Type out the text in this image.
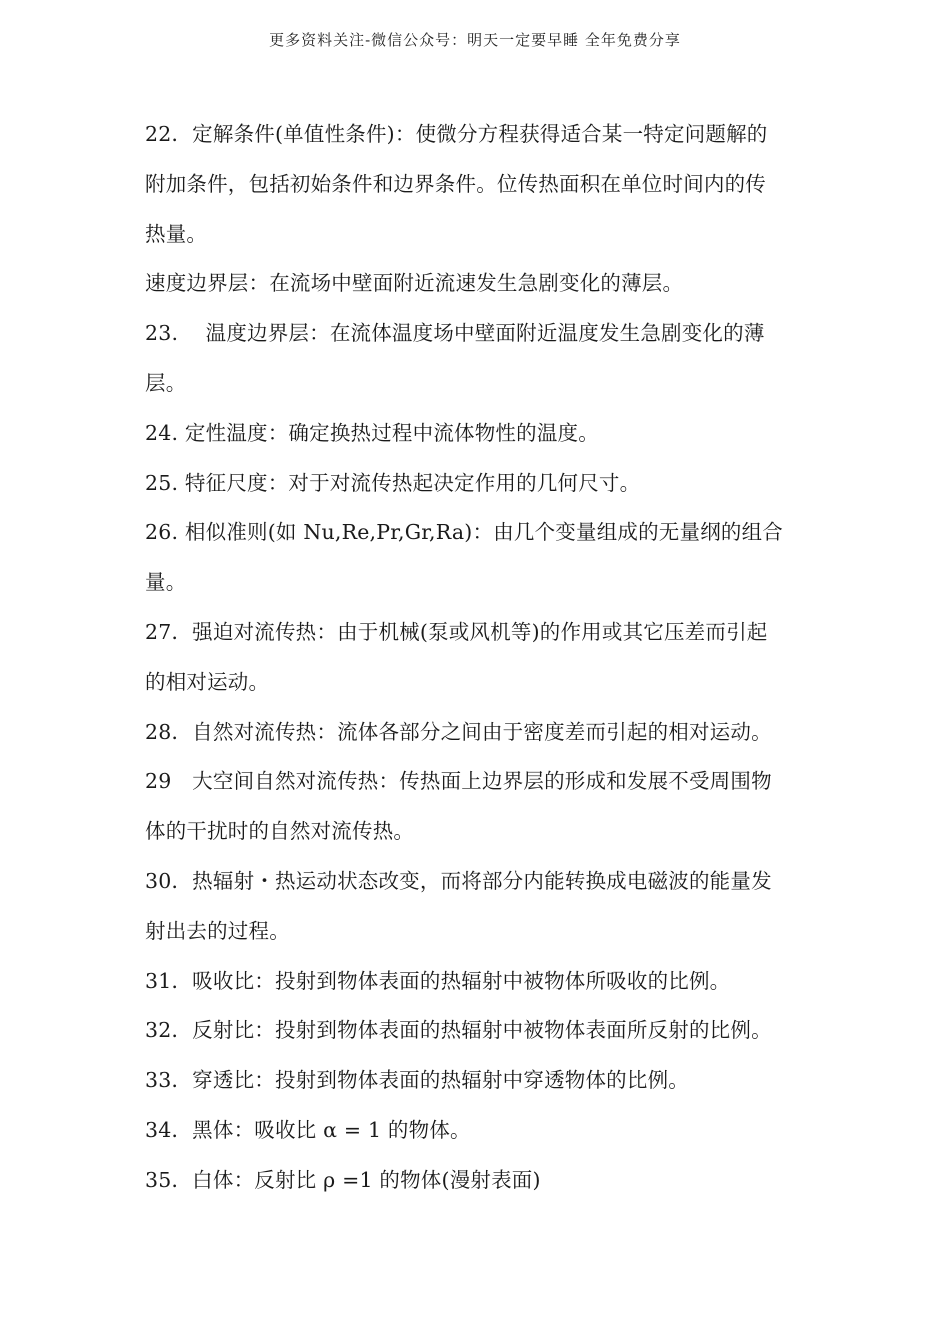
更多资料关注-微信公众号：明天一定要早睡 全年免费分享
22．定解条件(单值性条件)：使微分方程获得适合某一特定问题解的
附加条件，包括初始条件和边界条件。位传热面积在单位时间内的传
热量。
速度边界层：在流场中壁面附近流速发生急剧变化的薄层。
23.　 温度边界层：在流体温度场中壁面附近温度发生急剧变化的薄
层。
24. 定性温度：确定换热过程中流体物性的温度。
25. 特征尺度：对于对流传热起决定作用的几何尺寸。
26. 相似准则(如 Nu,Re,Pr,Gr,Ra)：由几个变量组成的无量纲的组合
量。
27．强迫对流传热：由于机械(泵或风机等)的作用或其它压差而引起
的相对运动。
28．自然对流传热：流体各部分之间由于密度差而引起的相对运动。
29　大空间自然对流传热：传热面上边界层的形成和发展不受周围物
体的干扰时的自然对流传热。
30．热辐射・热运动状态改变，而将部分内能转换成电磁波的能量发
射出去的过程。
31．吸收比：投射到物体表面的热辐射中被物体所吸收的比例。
32．反射比：投射到物体表面的热辐射中被物体表面所反射的比例。
33．穿透比：投射到物体表面的热辐射中穿透物体的比例。
34．黑体：吸收比 α = 1 的物体。
35．白体：反射比 ρ =1 的物体(漫射表面)
